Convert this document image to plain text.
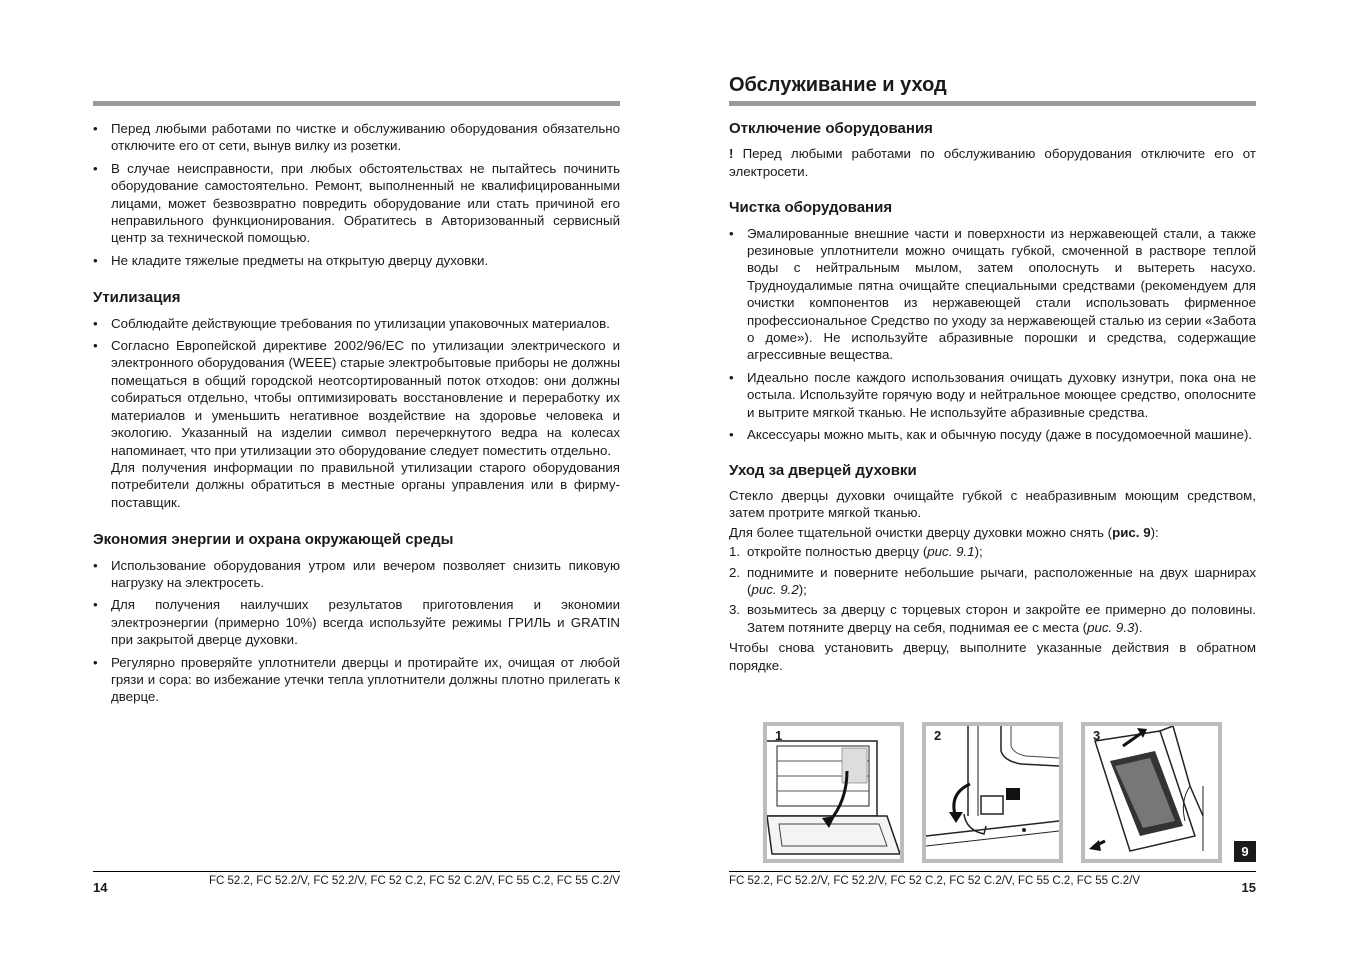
• Перед любыми работами по чистке и обслуживанию оборудования обязательно отключите его от сети, вынув вилку из розетки.
• В случае неисправности, при любых обстоятельствах не пытайтесь починить оборудование самостоятельно. Ремонт, выполненный не квалифицированными лицами, может безвозвратно повредить оборудование или стать причиной его неправильного функционирования. Обратитесь в Авторизованный сервисный центр за технической помощью.
• Не кладите тяжелые предметы на открытую дверцу духовки.
Утилизация
• Соблюдайте действующие требования по утилизации упаковочных материалов.
• Согласно Европейской директиве 2002/96/ЕС по утилизации электрического и электронного оборудования (WEEE) старые электробытовые приборы не должны помещаться в общий городской неотсортированный поток отходов: они должны собираться отдельно, чтобы оптимизировать восстановление и переработку их материалов и уменьшить негативное воздействие на здоровье человека и экологию. Указанный на изделии символ перечеркнутого ведра на колесах напоминает, что при утилизации это оборудование следует поместить отдельно.
Для получения информации по правильной утилизации старого оборудования потребители должны обратиться в местные органы управления или в фирму-поставщик.
Экономия энергии и охрана окружающей среды
• Использование оборудования утром или вечером позволяет снизить пиковую нагрузку на электросеть.
• Для получения наилучших результатов приготовления и экономии электроэнергии (примерно 10%) всегда используйте режимы ГРИЛЬ и GRATIN при закрытой дверце духовки.
• Регулярно проверяйте уплотнители дверцы и протирайте их, очищая от любой грязи и сора: во избежание утечки тепла уплотнители должны плотно прилегать к дверце.
14	FC 52.2, FC 52.2/V, FC 52.2/V, FC 52 C.2, FC 52 C.2/V, FC 55 C.2, FC 55 C.2/V
Обслуживание и уход
Отключение оборудования

! Перед любыми работами по обслуживанию оборудования отключите его от электросети.

Чистка оборудования
• Эмалированные внешние части и поверхности из нержавеющей стали, а также резиновые уплотнители можно очищать губкой, смоченной в растворе теплой воды с нейтральным мылом, затем ополоснуть и вытереть насухо. Трудноудалимые пятна очищайте специальными средствами (рекомендуем для очистки компонентов из нержавеющей стали использовать фирменное профессиональное Средство по уходу за нержавеющей сталью из серии «Забота о доме»). Не используйте абразивные порошки и средства, содержащие агрессивные вещества.
• Идеально после каждого использования очищать духовку изнутри, пока она не остыла. Используйте горячую воду и нейтральное моющее средство, ополосните и вытрите мягкой тканью. Не используйте абразивные средства.
• Аксессуары можно мыть, как и обычную посуду (даже в посудомоечной машине).
Уход за дверцей духовки

Стекло дверцы духовки очищайте губкой с неабразивным моющим средством, затем протрите мягкой тканью.

Для более тщательной очистки дверцу духовки можно снять (рис. 9):

1. откройте полностью дверцу (рис. 9.1);
2. поднимите и поверните небольшие рычаги, расположенные на двух шарнирах (рис. 9.2);
3. возьмитесь за дверцу с торцевых сторон и закройте ее примерно до половины. Затем потяните дверцу на себя, поднимая ее с места (рис. 9.3).

Чтобы снова установить дверцу, выполните указанные действия в обратном порядке.

1	2	3
9
FC 52.2, FC 52.2/V, FC 52.2/V, FC 52 C.2, FC 52 C.2/V, FC 55 C.2, FC 55 C.2/V	15
